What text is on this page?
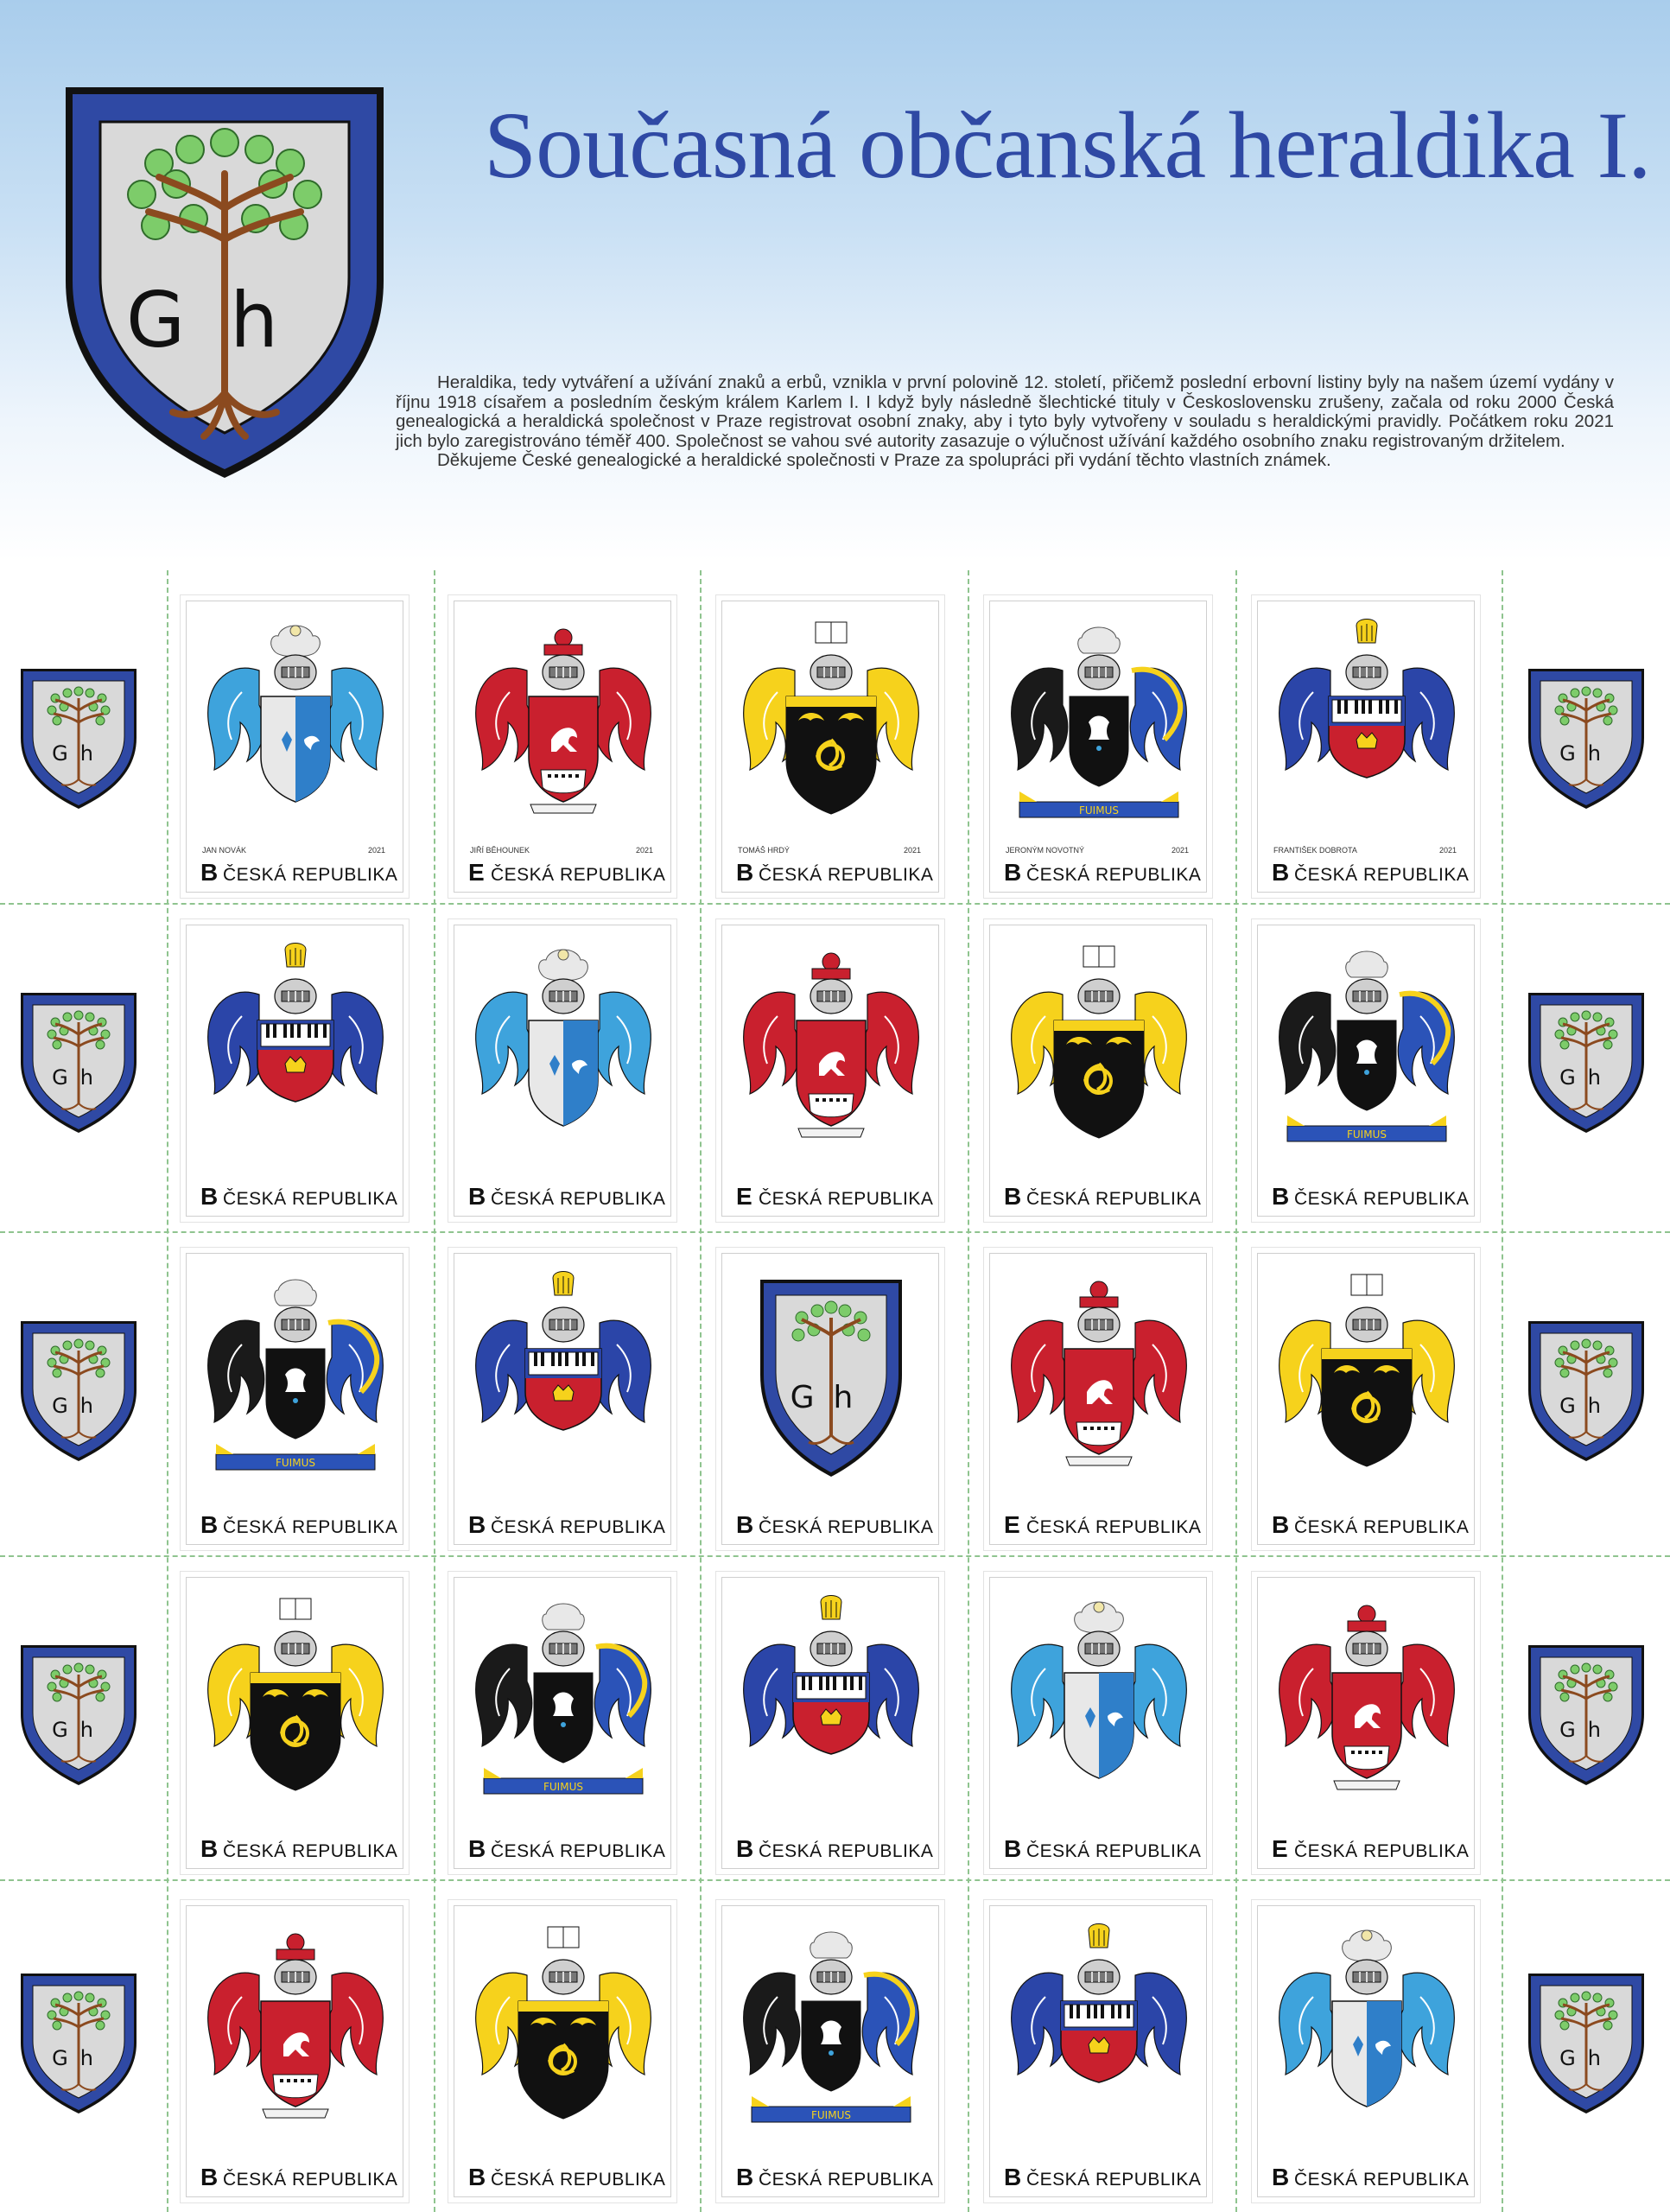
Gh
Současná občanská heraldika I.

Heraldika, tedy vytváření a užívání znaků a erbů, vznikla v první polovině 12. století, přičemž poslední erbovní listiny byly na našem území vydány v říjnu 1918 císařem a posledním českým králem Karlem I. I když byly následně šlechtické tituly v Československu zrušeny, začala od roku 2000 Česká genealogická a heraldická společnost v Praze registrovat osobní znaky, aby i tyto byly vytvořeny v souladu s heraldickými pravidly. Počátkem roku 2021 jich bylo zaregistrováno téměř 400. Společnost se vahou své autority zasazuje o výlučnost užívání každého osobního znaku registrovaným držitelem.

Děkujeme České genealogické a heraldické společnosti v Praze za spolupráci při vydání těchto vlastních známek.

Gh	Gh
JAN NOVÁK	2021
B ČESKÁ REPUBLIKA
JIŘÍ BĚHOUNEK	2021
E ČESKÁ REPUBLIKA
TOMÁŠ HRDÝ	2021
B ČESKÁ REPUBLIKA
FUIMUS
JERONÝM NOVOTNÝ	2021
B ČESKÁ REPUBLIKA
FRANTIŠEK DOBROTA	2021
B ČESKÁ REPUBLIKA
Gh	Gh
B ČESKÁ REPUBLIKA	B ČESKÁ REPUBLIKA	E ČESKÁ REPUBLIKA	B ČESKÁ REPUBLIKA
FUIMUS
B ČESKÁ REPUBLIKA
Gh	Gh
FUIMUS
B ČESKÁ REPUBLIKA	B ČESKÁ REPUBLIKA
Gh
B ČESKÁ REPUBLIKA	E ČESKÁ REPUBLIKA	B ČESKÁ REPUBLIKA
Gh	Gh
B ČESKÁ REPUBLIKA
FUIMUS
B ČESKÁ REPUBLIKA	B ČESKÁ REPUBLIKA	B ČESKÁ REPUBLIKA	E ČESKÁ REPUBLIKA
Gh	Gh
B ČESKÁ REPUBLIKA	B ČESKÁ REPUBLIKA
FUIMUS
B ČESKÁ REPUBLIKA	B ČESKÁ REPUBLIKA	B ČESKÁ REPUBLIKA
